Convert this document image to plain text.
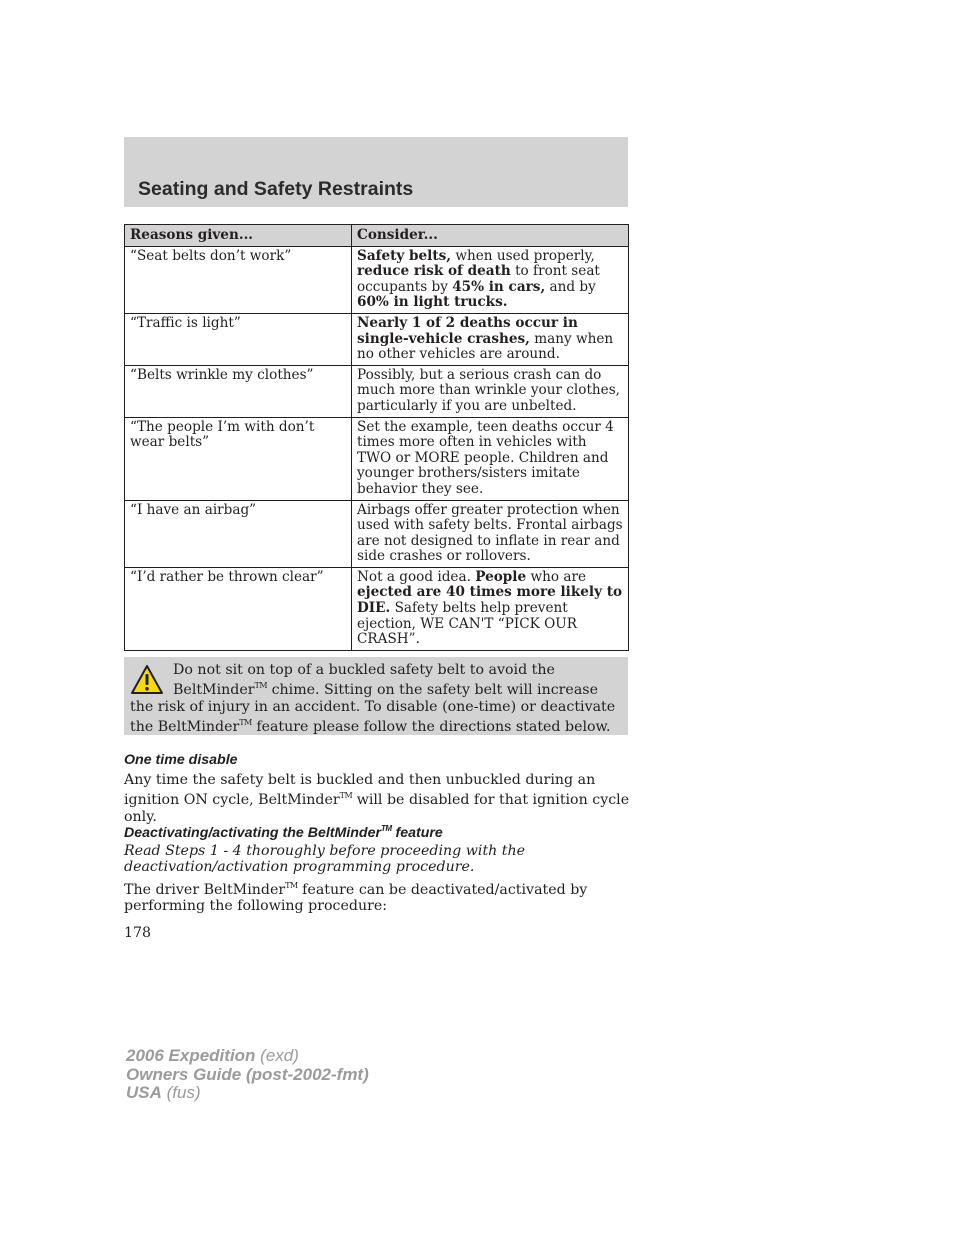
Seating and Safety Restraints
Reasons given...	Consider...
“Seat belts don’t work”	Safety belts, when used properly, reduce risk of death to front seat occupants by 45% in cars, and by 60% in light trucks.
“Traffic is light”	Nearly 1 of 2 deaths occur in single-vehicle crashes, many when no other vehicles are around.
“Belts wrinkle my clothes”	Possibly, but a serious crash can do much more than wrinkle your clothes, particularly if you are unbelted.
“The people I’m with don’t wear belts”	Set the example, teen deaths occur 4 times more often in vehicles with TWO or MORE people. Children and younger brothers/sisters imitate behavior they see.
“I have an airbag”	Airbags offer greater protection when used with safety belts. Frontal airbags are not designed to inflate in rear and side crashes or rollovers.
“I’d rather be thrown clear”	Not a good idea. People who are ejected are 40 times more likely to DIE. Safety belts help prevent ejection, WE CAN'T “PICK OUR CRASH”.

Do not sit on top of a buckled safety belt to avoid the BeltMinder™ chime. Sitting on the safety belt will increase the risk of injury in an accident. To disable (one-time) or deactivate the BeltMinder™ feature please follow the directions stated below.

One time disable

Any time the safety belt is buckled and then unbuckled during an ignition ON cycle, BeltMinder™ will be disabled for that ignition cycle only.

Deactivating/activating the BeltMinder™ feature

Read Steps 1 - 4 thoroughly before proceeding with the deactivation/activation programming procedure.

The driver BeltMinder™ feature can be deactivated/activated by performing the following procedure:

178

2006 Expedition (exd)
Owners Guide (post-2002-fmt)
USA (fus)
